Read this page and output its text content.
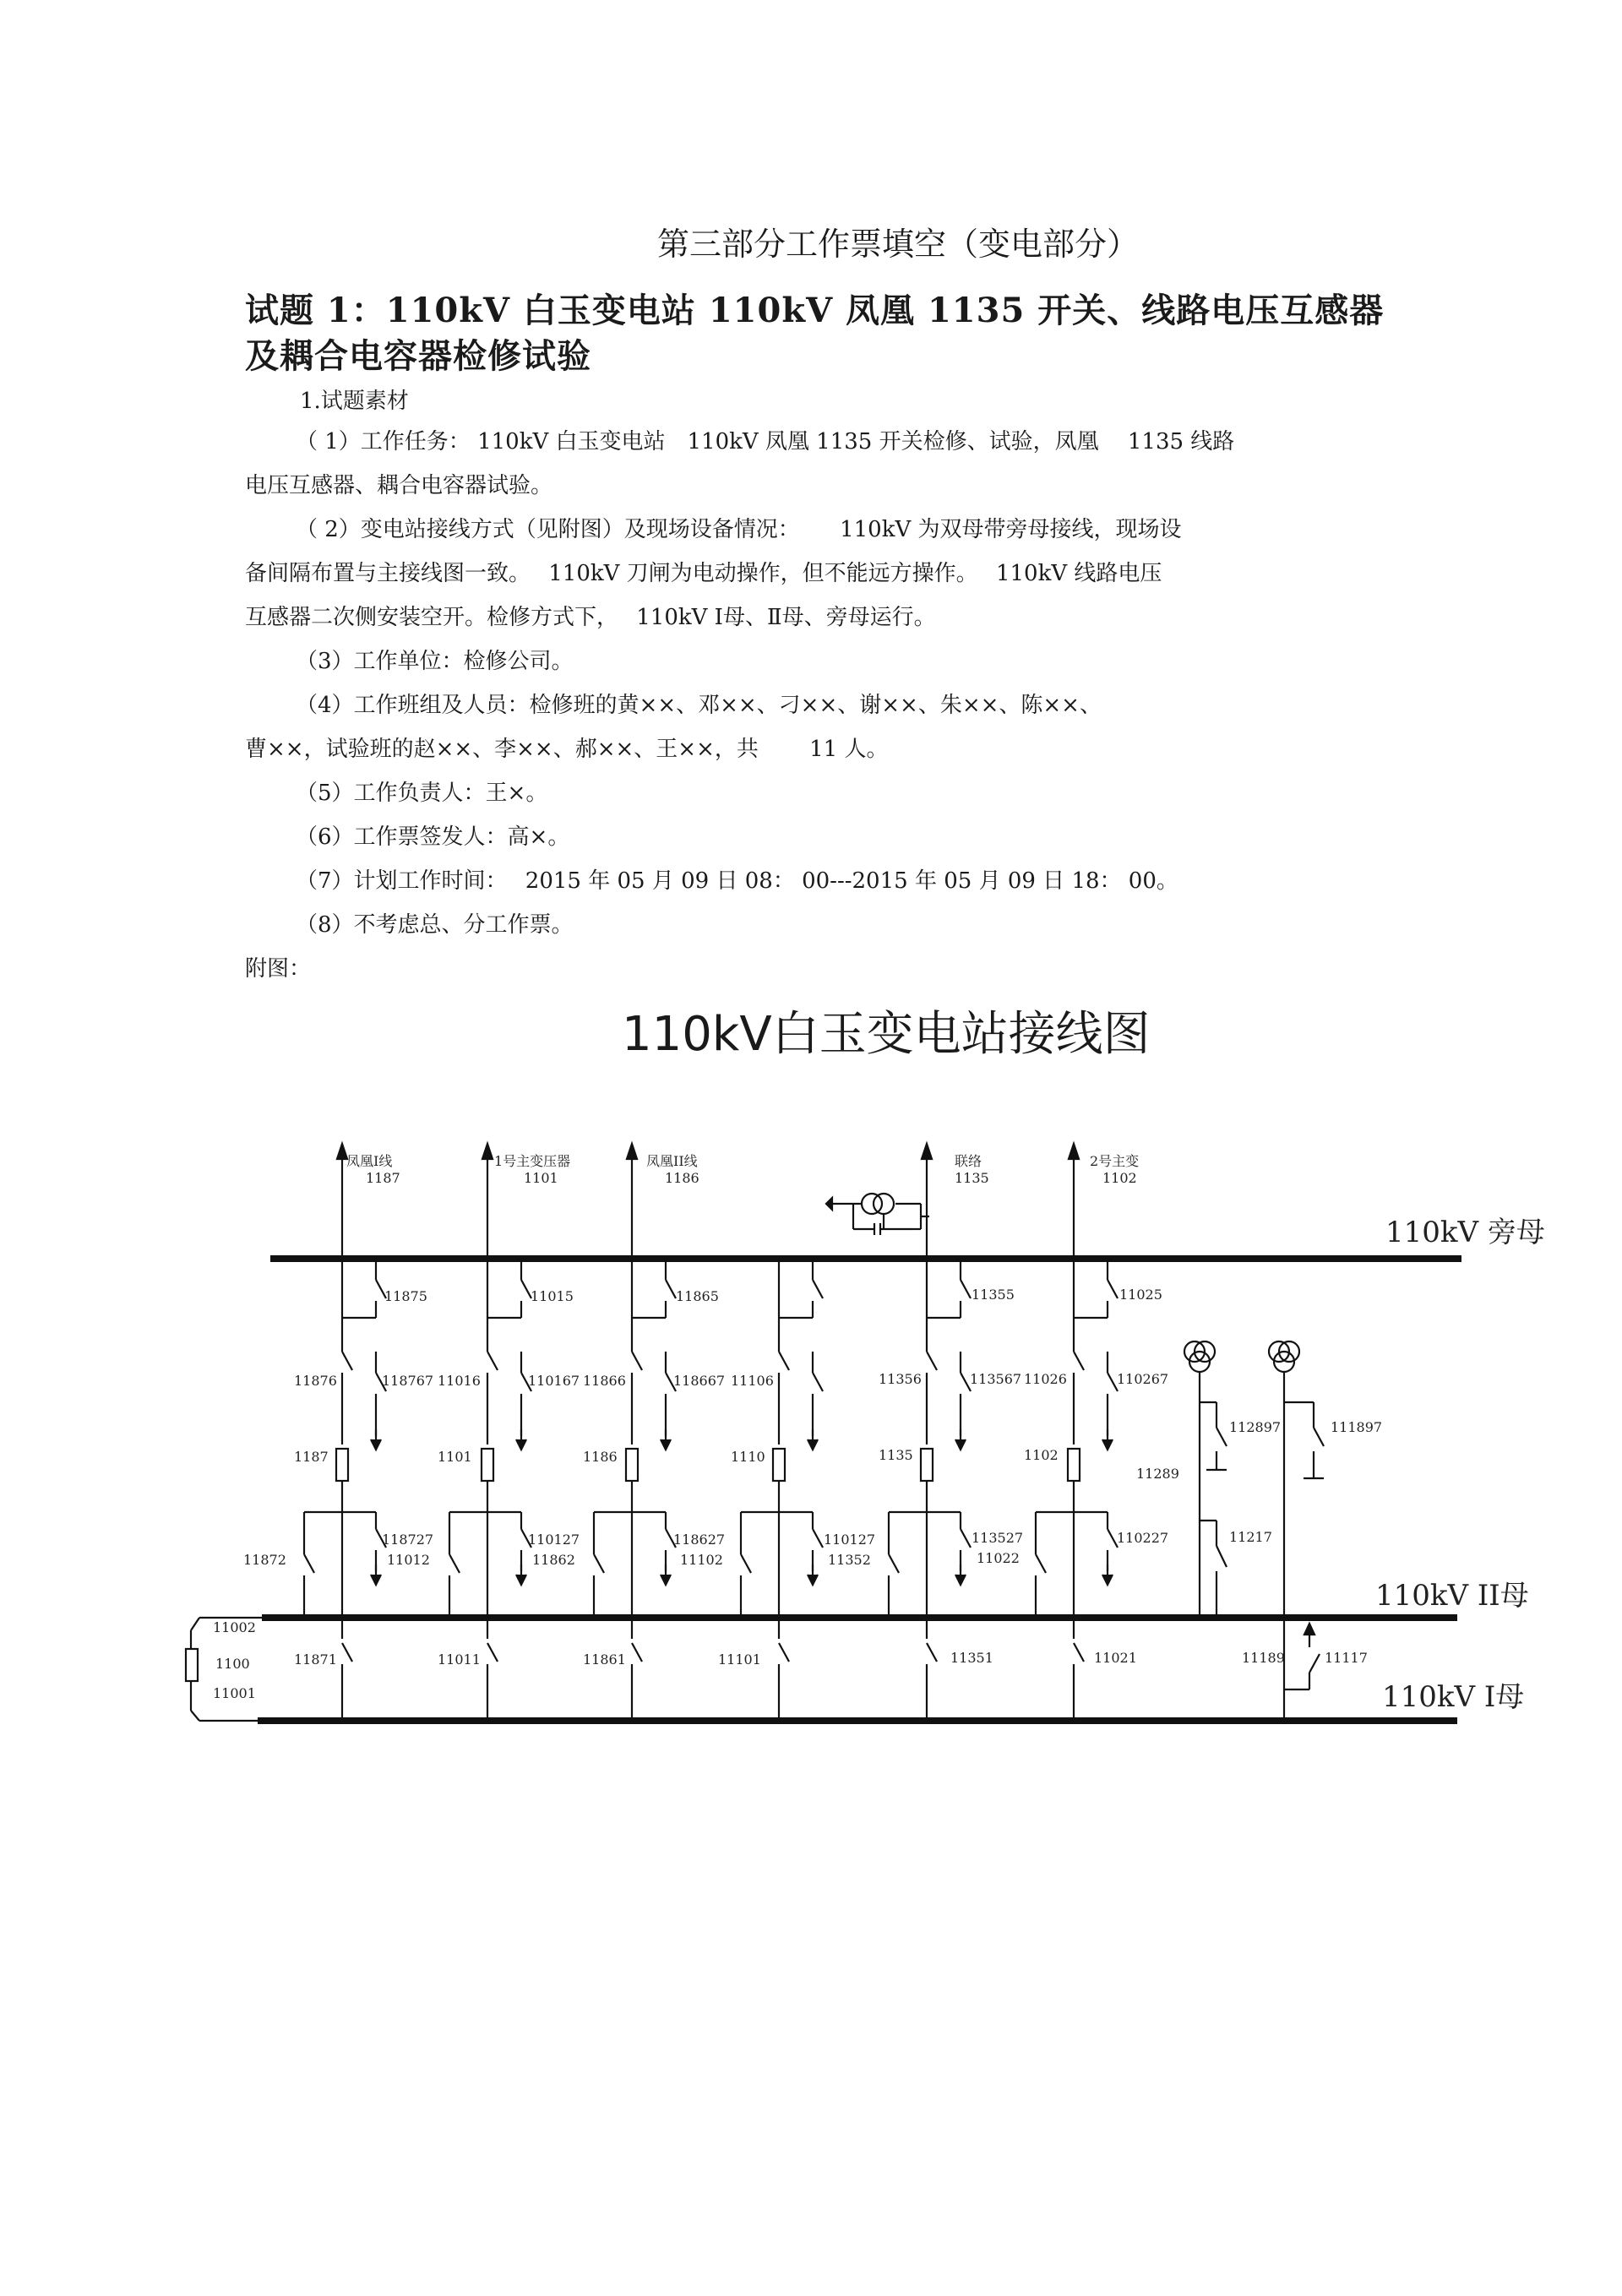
第三部分工作票填空（变电部分）
试题 1：110kV 白玉变电站 110kV 凤凰 1135 开关、线路电压互感器
及耦合电容器检修试验
1.试题素材
（ 1）工作任务： 110kV 白玉变电站　110kV 凤凰 1135 开关检修、试验，凤凰　 1135 线路
电压互感器、耦合电容器试验。
（ 2）变电站接线方式（见附图）及现场设备情况：　　 110kV 为双母带旁母接线，现场设
备间隔布置与主接线图一致。　 110kV 刀闸为电动操作，但不能远方操作。　 110kV 线路电压
互感器二次侧安装空开。检修方式下，　 110kV Ⅰ母、Ⅱ母、旁母运行。
（3）工作单位：检修公司。
（4）工作班组及人员：检修班的黄××、邓××、刁××、谢××、朱××、陈××、
曹××，试验班的赵××、李××、郝××、王××，共　　 11 人。
（5）工作负责人：王×。
（6）工作票签发人：高×。
（7）计划工作时间：　 2015 年 05 月 09 日 08： 00---2015 年 05 月 09 日 18： 00。
（8）不考虑总、分工作票。
附图：
110kV白玉变电站接线图
110kV 旁母
110kV II母
110kV I母
凤凰I线
1187
1号主变压器
1101
凤凰II线
1186
联络
1135
2号主变
1102
11875	11015	11865	11355	11025
11876	118767 11016	110167 11866	118667 11106	11356	113567 11026	110267
1187	1101	1186	1110	1135	1102
112897	111897
11289
11217
118727
11012
110127
11862
118627
11102
110127
11352
113527
11022
110227
11872
11002
1100
11001
11871	11011	11861	11101	11351	11021	11189	11117
